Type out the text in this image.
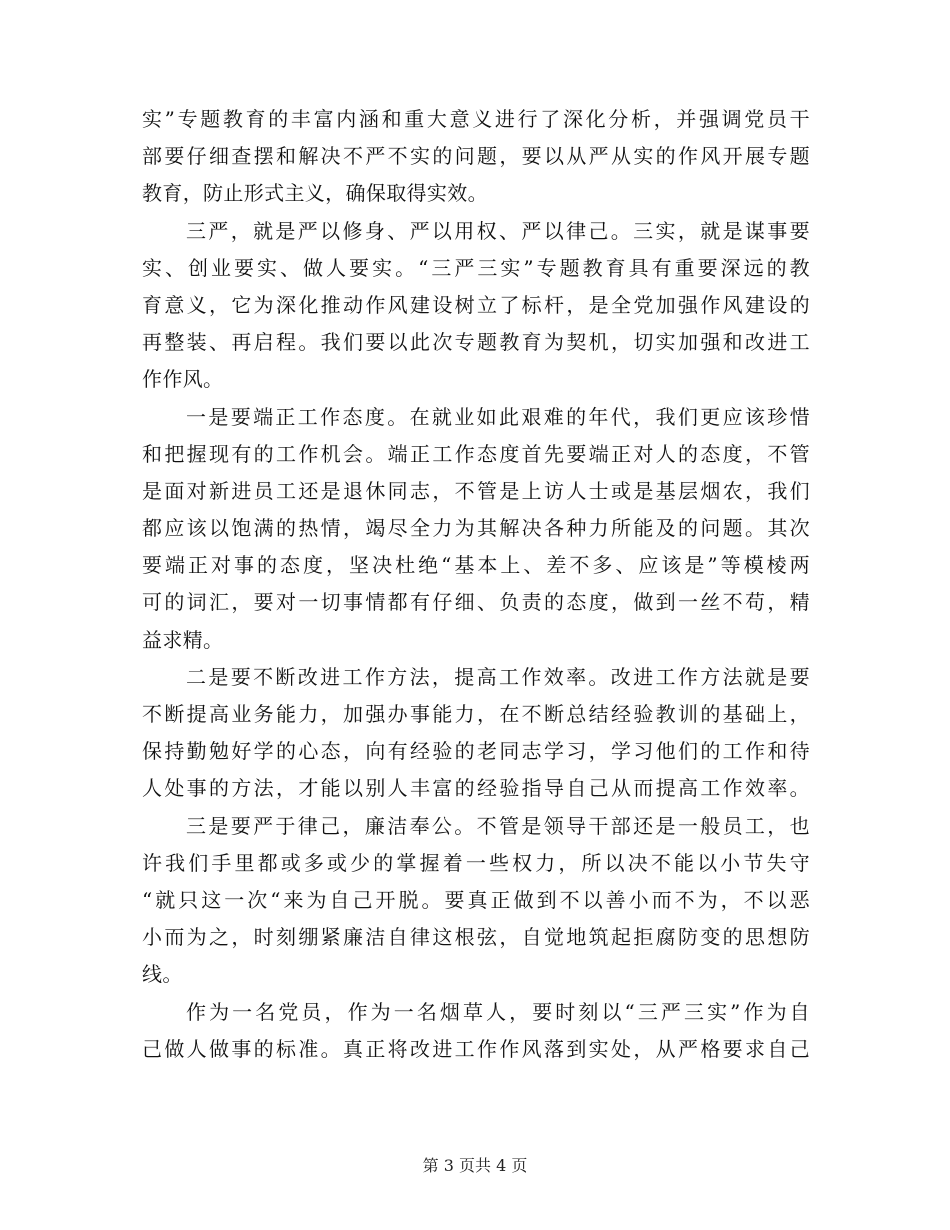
实”专题教育的丰富内涵和重大意义进行了深化分析，并强调党员干
部要仔细查摆和解决不严不实的问题，要以从严从实的作风开展专题
教育，防止形式主义，确保取得实效。
三严，就是严以修身、严以用权、严以律己。三实，就是谋事要
实、创业要实、做人要实。“三严三实”专题教育具有重要深远的教
育意义，它为深化推动作风建设树立了标杆，是全党加强作风建设的
再整装、再启程。我们要以此次专题教育为契机，切实加强和改进工
作作风。
一是要端正工作态度。在就业如此艰难的年代，我们更应该珍惜
和把握现有的工作机会。端正工作态度首先要端正对人的态度，不管
是面对新进员工还是退休同志，不管是上访人士或是基层烟农，我们
都应该以饱满的热情，竭尽全力为其解决各种力所能及的问题。其次
要端正对事的态度，坚决杜绝“基本上、差不多、应该是”等模棱两
可的词汇，要对一切事情都有仔细、负责的态度，做到一丝不苟，精
益求精。
二是要不断改进工作方法，提高工作效率。改进工作方法就是要
不断提高业务能力，加强办事能力，在不断总结经验教训的基础上，
保持勤勉好学的心态，向有经验的老同志学习，学习他们的工作和待
人处事的方法，才能以别人丰富的经验指导自己从而提高工作效率。
三是要严于律己，廉洁奉公。不管是领导干部还是一般员工，也
许我们手里都或多或少的掌握着一些权力，所以决不能以小节失守
“就只这一次“来为自己开脱。要真正做到不以善小而不为，不以恶
小而为之，时刻绷紧廉洁自律这根弦，自觉地筑起拒腐防变的思想防
线。
作为一名党员，作为一名烟草人，要时刻以“三严三实”作为自
己做人做事的标准。真正将改进工作作风落到实处，从严格要求自己
第 3 页共 4 页
